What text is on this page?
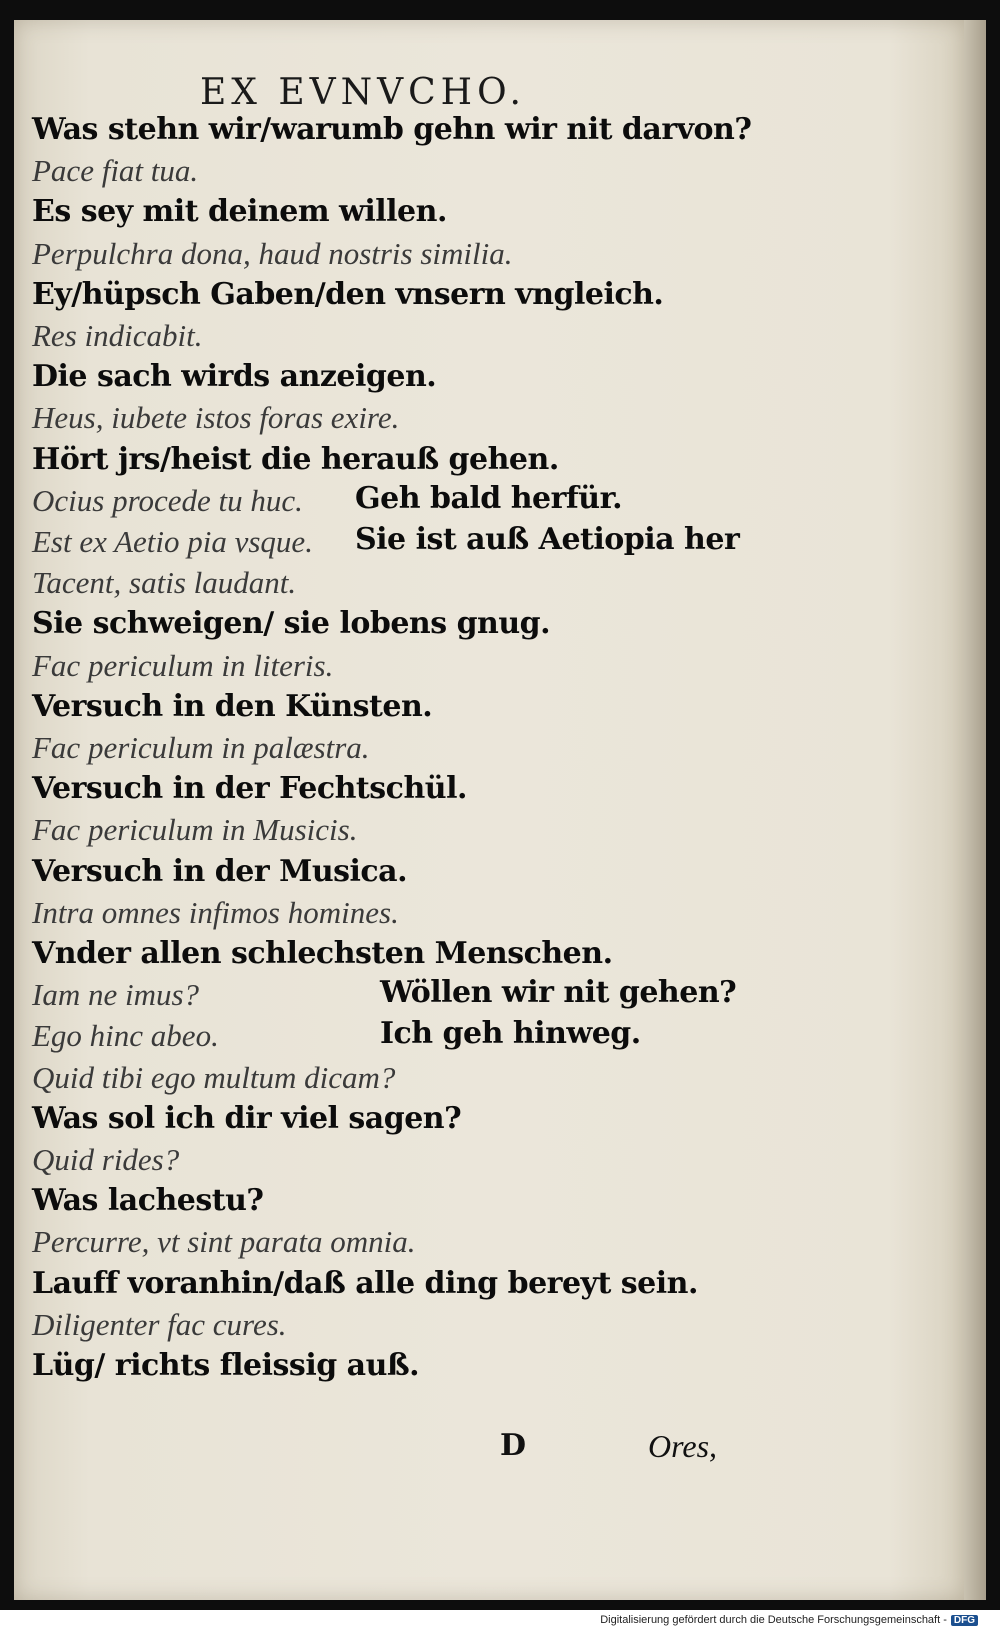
EX EVNVCHO.
Was stehn wir/warumb gehn wir nit darvon?
Pace fiat tua.
Es sey mit deinem willen.
Perpulchra dona, haud nostris similia.
Ey/hüpsch Gaben/den vnsern vngleich.
Res indicabit.
Die sach wirds anzeigen.
Heus, iubete istos foras exire.
Hört jrs/heist die herauß gehen.
Ocius procede tu huc. Geh bald herfür.
Est ex Aetio pia vsque. Sie ist auß Aetiopia her
Tacent, satis laudant.
Sie schweigen/ sie lobens gnug.
Fac periculum in literis.
Versuch in den Künsten.
Fac periculum in palæstra.
Versuch in der Fechtschül.
Fac periculum in Musicis.
Versuch in der Musica.
Intra omnes infimos homines.
Vnder allen schlechsten Menschen.
Iam ne imus?	Wöllen wir nit gehen?
Ego hinc abeo.	Ich geh hinweg.
Quid tibi ego multum dicam?
Was sol ich dir viel sagen?
Quid rides?
Was lachestu?
Percurre, vt sint parata omnia.
Lauff voranhin/daß alle ding bereyt sein.
Diligenter fac cures.
Lüg/ richts fleissig auß.
D	Ores,
Digitalisierung gefördert durch die Deutsche Forschungsgemeinschaft - DFG
